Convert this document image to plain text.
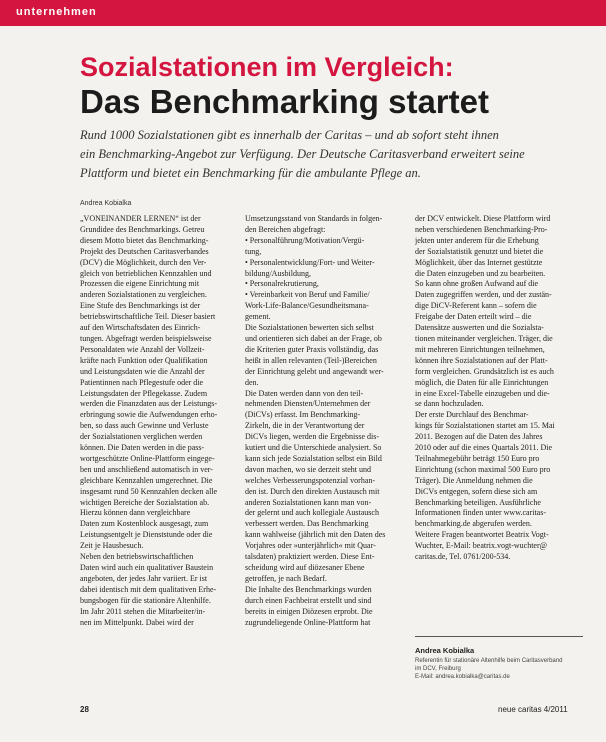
unternehmen
Sozialstationen im Vergleich:
Das Benchmarking startet
Rund 1000 Sozialstationen gibt es innerhalb der Caritas – und ab sofort steht ihnen
ein Benchmarking-Angebot zur Verfügung. Der Deutsche Caritasverband erweitert seine
Plattform und bietet ein Benchmarking für die ambulante Pflege an.
Andrea Kobialka
„VONEINANDER LERNEN“ ist der
Grundidee des Benchmarkings. Getreu
diesem Motto bietet das Benchmarking-
Projekt des Deutschen Caritasverbandes
(DCV) die Möglichkeit, durch den Ver-
gleich von betrieblichen Kennzahlen und
Prozessen die eigene Einrichtung mit
anderen Sozialstationen zu vergleichen.
Eine Stufe des Benchmarkings ist der
betriebswirtschaftliche Teil. Dieser basiert
auf den Wirtschaftsdaten des Einrich-
tungen. Abgefragt werden beispielsweise
Personaldaten wie Anzahl der Vollzeit-
kräfte nach Funktion oder Qualifikation
und Leistungsdaten wie die Anzahl der
Patientinnen nach Pflegestufe oder die
Leistungsdaten der Pflegekasse. Zudem
werden die Finanzdaten aus der Leistungs-
erbringung sowie die Aufwendungen erho-
ben, so dass auch Gewinne und Verluste
der Sozialstationen verglichen werden
können. Die Daten werden in die pass-
wortgeschützte Online-Plattform eingege-
ben und anschließend automatisch in ver-
gleichbare Kennzahlen umgerechnet. Die
insgesamt rund 50 Kennzahlen decken alle
wichtigen Bereiche der Sozialstation ab.
Hierzu können dann vergleichbare
Daten zum Kostenblock ausgesagt, zum
Leistungsentgelt je Dienststunde oder die
Zeit je Hausbesuch.
Neben den betriebswirtschaftlichen
Daten wird auch ein qualitativer Baustein
angeboten, der jedes Jahr variiert. Er ist
dabei identisch mit dem qualitativen Erhe-
bungsbogen für die stationäre Altenhilfe.
Im Jahr 2011 stehen die Mitarbeiter/in-
nen im Mittelpunkt. Dabei wird der
Umsetzungsstand von Standards in folgen-
den Bereichen abgefragt:
• Personalführung/Motivation/Vergü-
tung,
• Personalentwicklung/Fort- und Weiter-
bildung/Ausbildung,
• Personalrekrutierung,
• Vereinbarkeit von Beruf und Familie/
Work-Life-Balance/Gesundheitsmana-
gement.
Die Sozialstationen bewerten sich selbst
und orientieren sich dabei an der Frage, ob
die Kriterien guter Praxis vollständig, das
heißt in allen relevanten (Teil-)Bereichen
der Einrichtung gelebt und angewandt wer-
den.
Die Daten werden dann von den teil-
nehmenden Diensten/Unternehmen der
(DiCVs) erfasst. Im Benchmarking-
Zirkeln, die in der Verantwortung der
DiCVs liegen, werden die Ergebnisse dis-
kutiert und die Unterschiede analysiert. So
kann sich jede Sozialstation selbst ein Bild
davon machen, wo sie derzeit steht und
welches Verbesserungspotenzial vorhan-
den ist. Durch den direkten Austausch mit
anderen Sozialstationen kann man von-
der gelernt und auch kollegiale Austausch
verbessert werden. Das Benchmarking
kann wahlweise (jährlich mit den Daten des
Vorjahres oder »unterjährlich« mit Quar-
talsdaten) praktiziert werden. Diese Ent-
scheidung wird auf diözesaner Ebene
getroffen, je nach Bedarf.
Die Inhalte des Benchmarkings wurden
durch einen Fachbeirat erstellt und sind
bereits in einigen Diözesen erprobt. Die
zugrundeliegende Online-Plattform hat
der DCV entwickelt. Diese Plattform wird
neben verschiedenen Benchmarking-Pro-
jekten unter anderem für die Erhebung
der Sozialstatistik genutzt und bietet die
Möglichkeit, über das Internet gestützte
die Daten einzugeben und zu bearbeiten.
So kann ohne großen Aufwand auf die
Daten zugegriffen werden, und der zustän-
dige DiCV-Referent kann – sofern die
Freigabe der Daten erteilt wird – die
Datensätze auswerten und die Sozialsta-
tionen miteinander vergleichen. Träger, die
mit mehreren Einrichtungen teilnehmen,
können ihre Sozialstationen auf der Platt-
form vergleichen. Grundsätzlich ist es auch
möglich, die Daten für alle Einrichtungen
in eine Excel-Tabelle einzugeben und die-
se dann hochzuladen.
Der erste Durchlauf des Benchmar-
kings für Sozialstationen startet am 15. Mai
2011. Bezogen auf die Daten des Jahres
2010 oder auf die eines Quartals 2011. Die
Teilnahmegebühr beträgt 150 Euro pro
Einrichtung (schon maximal 500 Euro pro
Träger). Die Anmeldung nehmen die
DiCVs entgegen, sofern diese sich am
Benchmarking beteiligen. Ausführliche
Informationen finden unter www.caritas-
benchmarking.de abgerufen werden.
Weitere Fragen beantwortet Beatrix Vogt-
Wuchter, E-Mail: beatrix.vogt-wuchter@
caritas.de, Tel. 0761/200-534.
Andrea Kobialka
Referentin für stationäre Altenhilfe beim Caritasverband
im DCV, Freiburg
E-Mail: andrea.kobialka@caritas.de
28	neue caritas 4/2011
